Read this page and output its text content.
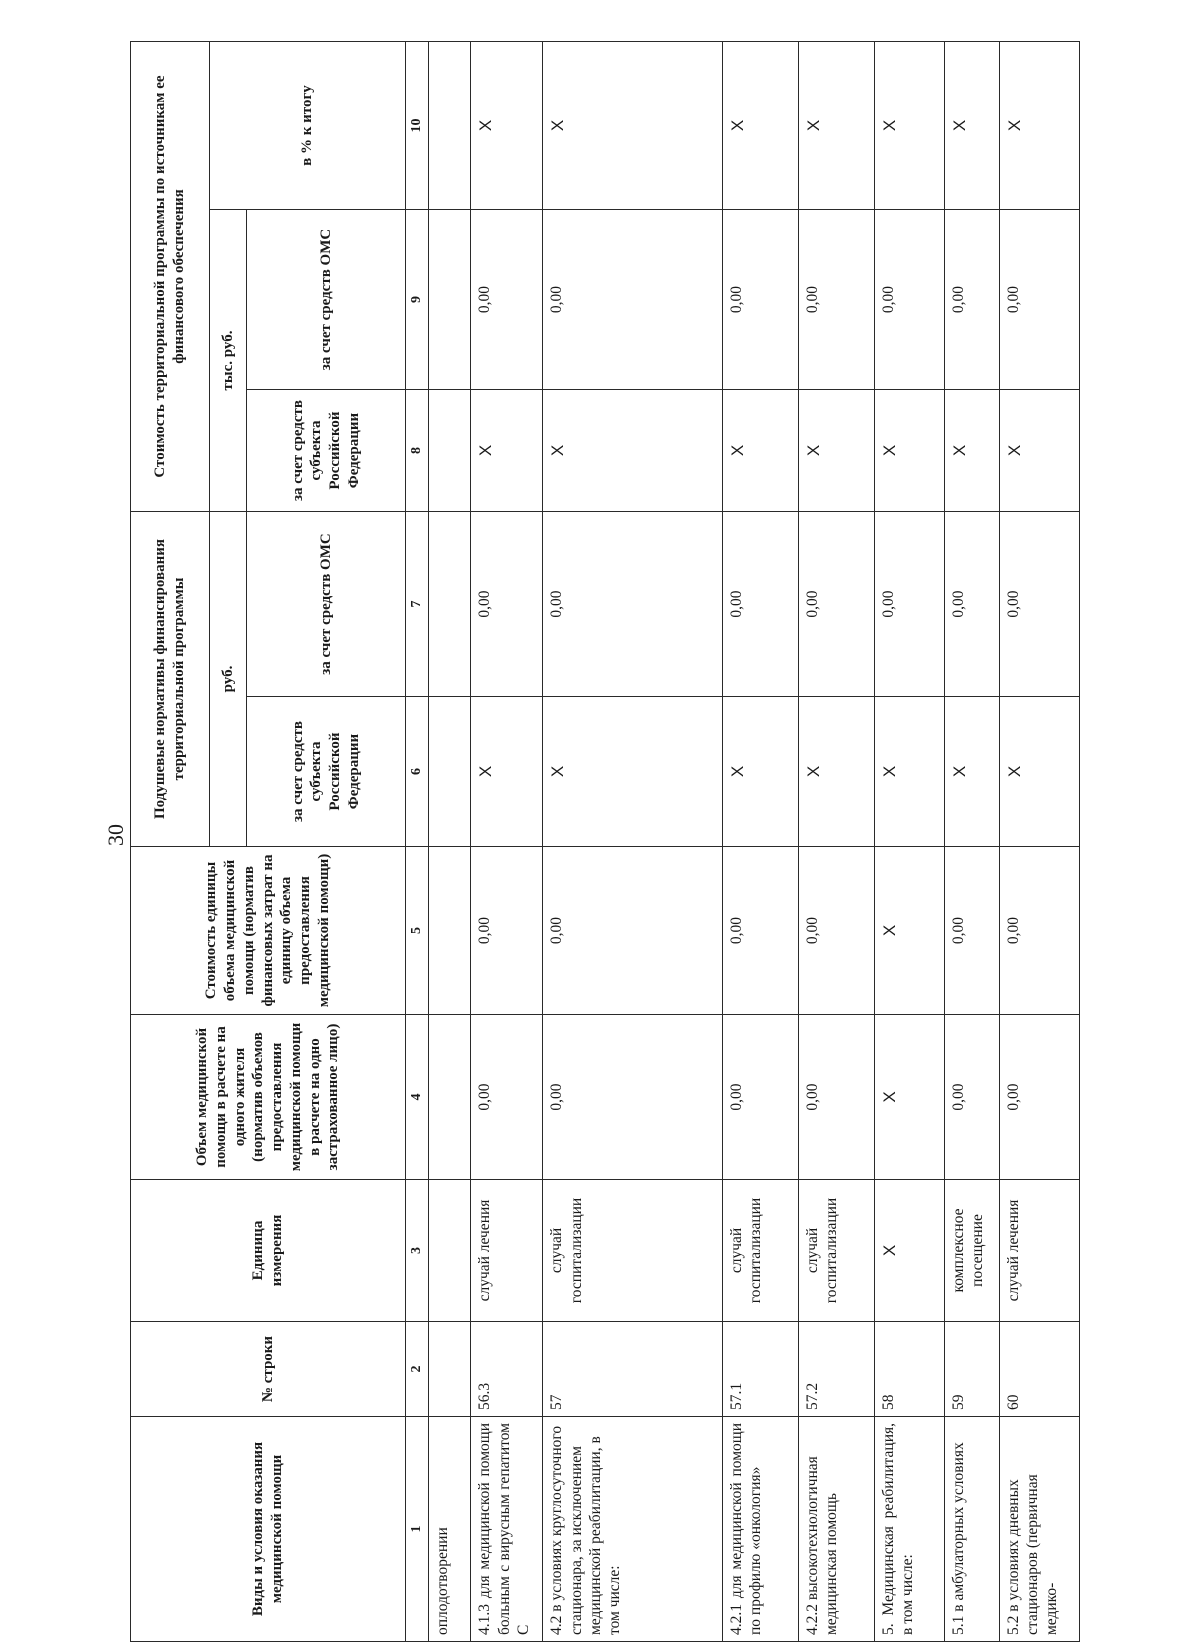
30
Виды и условия оказания медицинской помощи	№ строки	Единица измерения	Объем медицинской помощи в расчете на одного жителя (норматив объемов предоставления медицинской помощи в расчете на одно застрахованное лицо)	Стоимость единицы объема медицинской помощи (норматив финансовых затрат на единицу объема предоставления медицинской помощи)	Подушевые нормативы финансирования территориальной программы		Стоимость территориальной программы по источникам ее финансового обеспечения		
					руб.		тыс. руб.		в % к итогу
					за счет средств субъекта Российской Федерации	за счет средств ОМС	за счет средств субъекта Российской Федерации	за счет средств ОМС	
1	2	3	4	5	6	7	8	9	10
оплодотворении									
4.1.3 для медицинской помощи больным с вирусным гепатитом С	56.3	случай лечения	0,00	0,00	X	0,00	X	0,00	X
4.2 в условиях круглосуточного стационара, за исключением медицинской реабилитации, в том числе:	57	случай госпитализации	0,00	0,00	X	0,00	X	0,00	X
4.2.1 для медицинской помощи по профилю «онкология»	57.1	случай госпитализации	0,00	0,00	X	0,00	X	0,00	X
4.2.2 высокотехнологичная медицинская помощь	57.2	случай госпитализации	0,00	0,00	X	0,00	X	0,00	X
5. Медицинская реабилитация, в том числе:	58	X	X	X	X	0,00	X	0,00	X
5.1 в амбулаторных условиях	59	комплексное посещение	0,00	0,00	X	0,00	X	0,00	X
5.2 в условиях дневных стационаров (первичная медико-	60	случай лечения	0,00	0,00	X	0,00	X	0,00	X
